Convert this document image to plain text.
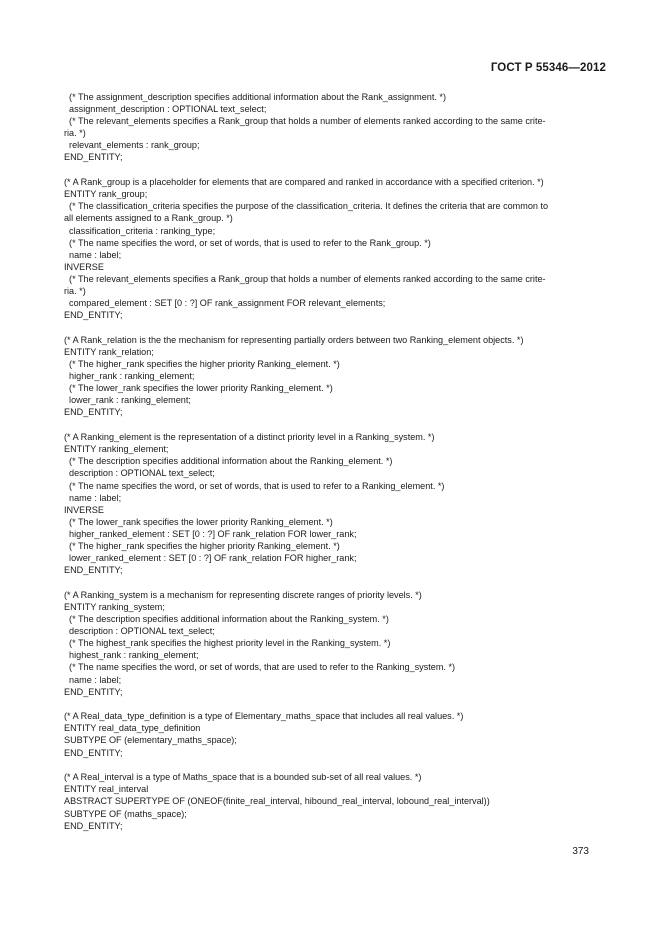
ГОСТ Р 55346—2012
(* The assignment_description specifies additional information about the Rank_assignment. *)
assignment_description : OPTIONAL text_select;
(* The relevant_elements specifies a Rank_group that holds a number of elements ranked according to the same crite-
ria. *)
relevant_elements : rank_group;
END_ENTITY;
(* A Rank_group is a placeholder for elements that are compared and ranked in accordance with a specified criterion. *)
ENTITY rank_group;
(* The classification_criteria specifies the purpose of the classification_criteria. It defines the criteria that are common to
all elements assigned to a Rank_group. *)
classification_criteria : ranking_type;
(* The name specifies the word, or set of words, that is used to refer to the Rank_group. *)
name : label;
INVERSE
(* The relevant_elements specifies a Rank_group that holds a number of elements ranked according to the same crite-
ria. *)
compared_element : SET [0 : ?] OF rank_assignment FOR relevant_elements;
END_ENTITY;
(* A Rank_relation is the the mechanism for representing partially orders between two Ranking_element objects. *)
ENTITY rank_relation;
(* The higher_rank specifies the higher priority Ranking_element. *)
higher_rank : ranking_element;
(* The lower_rank specifies the lower priority Ranking_element. *)
lower_rank : ranking_element;
END_ENTITY;
(* A Ranking_element is the representation of a distinct priority level in a Ranking_system. *)
ENTITY ranking_element;
(* The description specifies additional information about the Ranking_element. *)
description : OPTIONAL text_select;
(* The name specifies the word, or set of words, that is used to refer to a Ranking_element. *)
name : label;
INVERSE
(* The lower_rank specifies the lower priority Ranking_element. *)
higher_ranked_element : SET [0 : ?] OF rank_relation FOR lower_rank;
(* The higher_rank specifies the higher priority Ranking_element. *)
lower_ranked_element : SET [0 : ?] OF rank_relation FOR higher_rank;
END_ENTITY;
(* A Ranking_system is a mechanism for representing discrete ranges of priority levels. *)
ENTITY ranking_system;
(* The description specifies additional information about the Ranking_system. *)
description : OPTIONAL text_select;
(* The highest_rank specifies the highest priority level in the Ranking_system. *)
highest_rank : ranking_element;
(* The name specifies the word, or set of words, that are used to refer to the Ranking_system. *)
name : label;
END_ENTITY;
(* A Real_data_type_definition is a type of Elementary_maths_space that includes all real values. *)
ENTITY real_data_type_definition
SUBTYPE OF (elementary_maths_space);
END_ENTITY;
(* A Real_interval is a type of Maths_space that is a bounded sub-set of all real values. *)
ENTITY real_interval
ABSTRACT SUPERTYPE OF (ONEOF(finite_real_interval, hibound_real_interval, lobound_real_interval))
SUBTYPE OF (maths_space);
END_ENTITY;
373
